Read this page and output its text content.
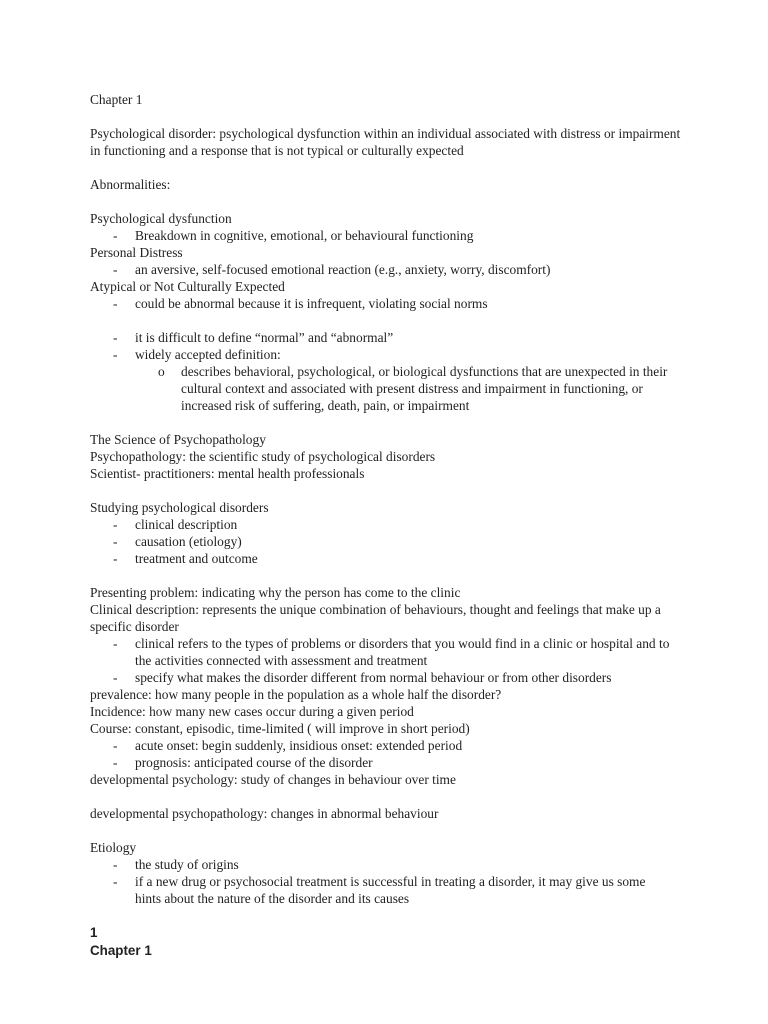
Chapter 1

Psychological disorder: psychological dysfunction within an individual associated with distress or impairment in functioning and a response that is not typical or culturally expected

Abnormalities:
Psychological dysfunction
- Breakdown in cognitive, emotional, or behavioural functioning
Personal Distress
- an aversive, self-focused emotional reaction (e.g., anxiety, worry, discomfort)
Atypical or Not Culturally Expected
- could be abnormal because it is infrequent, violating social norms
- it is difficult to define “normal” and “abnormal”
- widely accepted definition:
o describes behavioral, psychological, or biological dysfunctions that are unexpected in their cultural context and associated with present distress and impairment in functioning, or increased risk of suffering, death, pain, or impairment
The Science of Psychopathology
Psychopathology: the scientific study of psychological disorders
Scientist- practitioners: mental health professionals
Studying psychological disorders
- clinical description
- causation (etiology)
- treatment and outcome
Presenting problem: indicating why the person has come to the clinic

Clinical description: represents the unique combination of behaviours, thought and feelings that make up a specific disorder

- clinical refers to the types of problems or disorders that you would find in a clinic or hospital and to the activities connected with assessment and treatment
- specify what makes the disorder different from normal behaviour or from other disorders
prevalence: how many people in the population as a whole half the disorder?
Incidence: how many new cases occur during a given period
Course: constant, episodic, time-limited ( will improve in short period)
- acute onset: begin suddenly, insidious onset: extended period
- prognosis: anticipated course of the disorder
developmental psychology: study of changes in behaviour over time
developmental psychopathology: changes in abnormal behaviour
Etiology
- the study of origins
- if a new drug or psychosocial treatment is successful in treating a disorder, it may give us some hints about the nature of the disorder and its causes
1
Chapter 1
